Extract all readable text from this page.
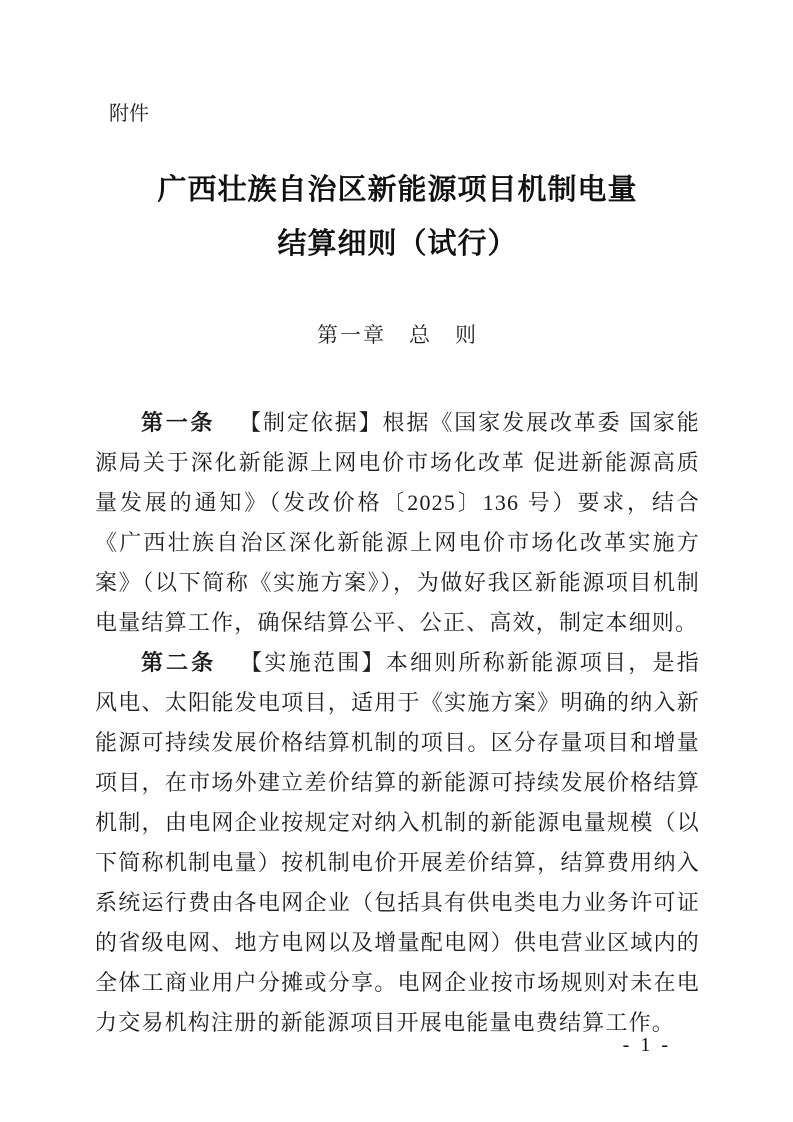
附件
广西壮族自治区新能源项目机制电量
结算细则（试行）
第一章　总　则

第一条 【制定依据】根据《国家发展改革委 国家能源局关于深化新能源上网电价市场化改革 促进新能源高质量发展的通知》（发改价格〔2025〕136 号）要求，结合《广西壮族自治区深化新能源上网电价市场化改革实施方案》（以下简称《实施方案》），为做好我区新能源项目机制电量结算工作，确保结算公平、公正、高效，制定本细则。

第二条 【实施范围】本细则所称新能源项目，是指风电、太阳能发电项目，适用于《实施方案》明确的纳入新能源可持续发展价格结算机制的项目。区分存量项目和增量项目，在市场外建立差价结算的新能源可持续发展价格结算机制，由电网企业按规定对纳入机制的新能源电量规模（以下简称机制电量）按机制电价开展差价结算，结算费用纳入系统运行费由各电网企业（包括具有供电类电力业务许可证的省级电网、地方电网以及增量配电网）供电营业区域内的全体工商业用户分摊或分享。电网企业按市场规则对未在电力交易机构注册的新能源项目开展电能量电费结算工作。

- 1 -
